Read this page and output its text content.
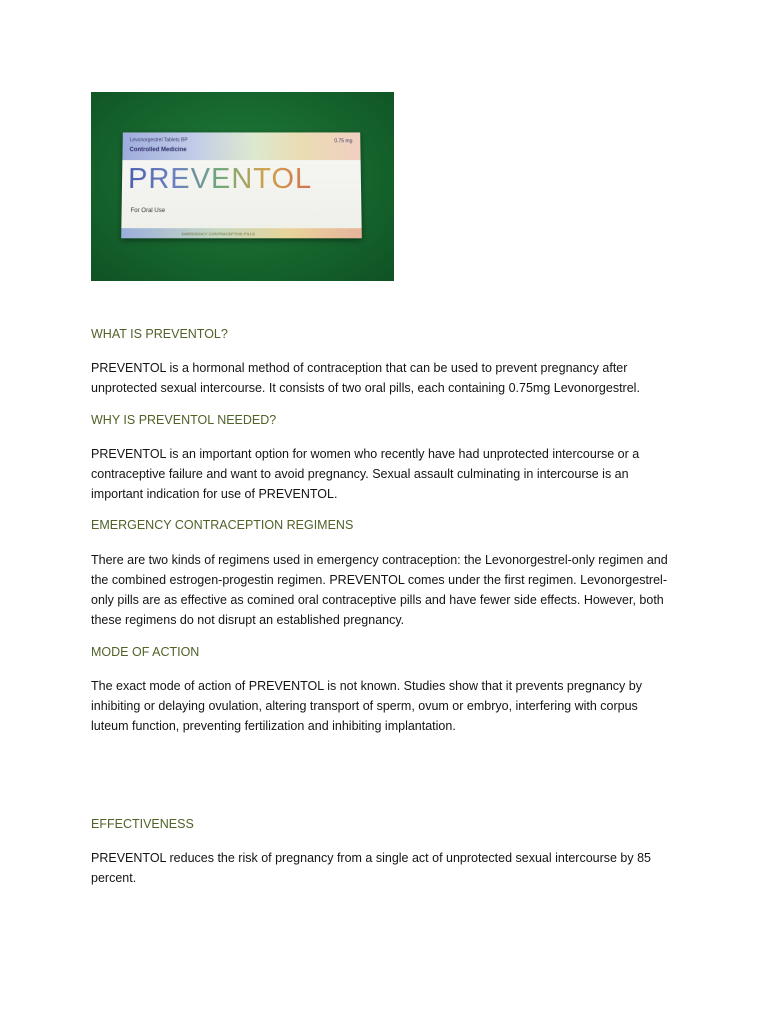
Levonorgestrel Tablets BP
Controlled Medicine
0.75 mg
PREVENTOL
For Oral Use
EMERGENCY CONTRACEPTIVE PILLS
WHAT IS PREVENTOL?

PREVENTOL is a hormonal method of contraception that can be used to prevent pregnancy after
unprotected sexual intercourse. It consists of two oral pills, each containing 0.75mg Levonorgestrel.

WHY IS PREVENTOL NEEDED?

PREVENTOL is an important option for women who recently have had unprotected intercourse or a
contraceptive failure and want to avoid pregnancy. Sexual assault culminating in intercourse is an
important indication for use of PREVENTOL.

EMERGENCY CONTRACEPTION REGIMENS

There are two kinds of regimens used in emergency contraception: the Levonorgestrel-only regimen and
the combined estrogen-progestin regimen. PREVENTOL comes under the first regimen. Levonorgestrel-
only pills are as effective as comined oral contraceptive pills and have fewer side effects. However, both
these regimens do not disrupt an established pregnancy.

MODE OF ACTION

The exact mode of action of PREVENTOL is not known. Studies show that it prevents pregnancy by
inhibiting or delaying ovulation, altering transport of sperm, ovum or embryo, interfering with corpus
luteum function, preventing fertilization and inhibiting implantation.

EFFECTIVENESS

PREVENTOL reduces the risk of pregnancy from a single act of unprotected sexual intercourse by 85
percent.
